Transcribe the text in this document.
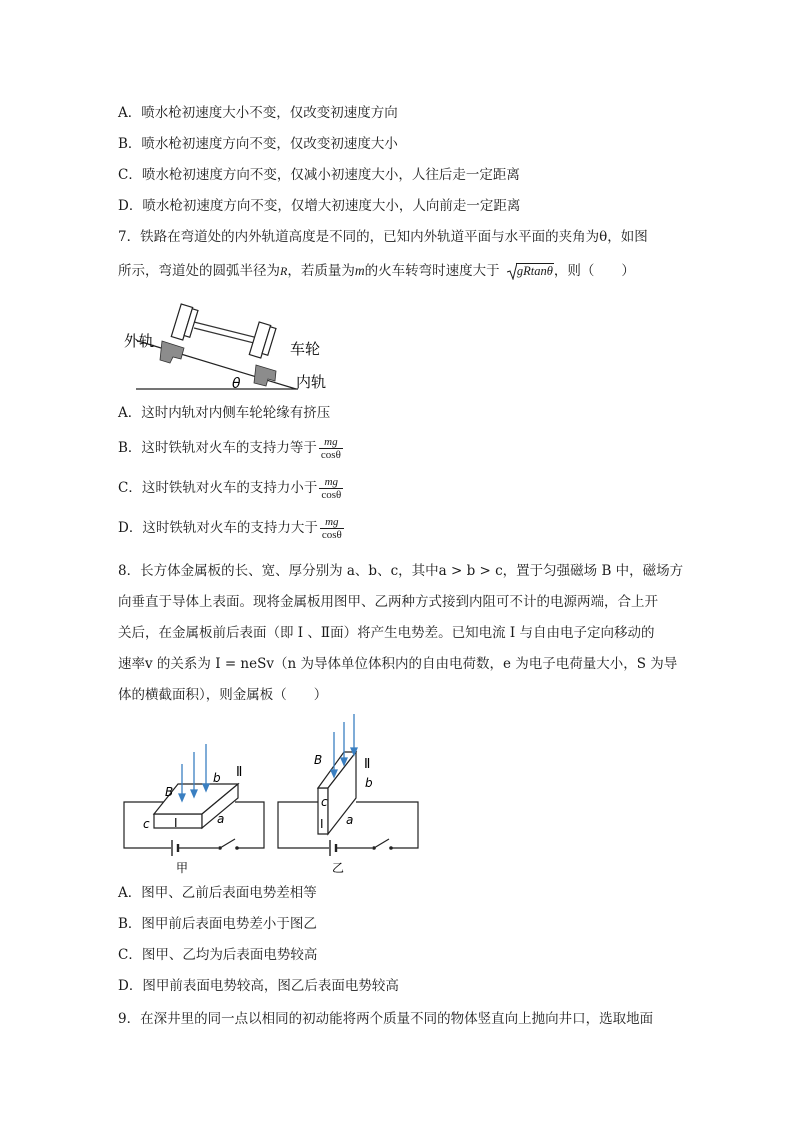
A．喷水枪初速度大小不变，仅改变初速度方向
B．喷水枪初速度方向不变，仅改变初速度大小
C．喷水枪初速度方向不变，仅减小初速度大小，人往后走一定距离
D．喷水枪初速度方向不变，仅增大初速度大小，人向前走一定距离
7．铁路在弯道处的内外轨道高度是不同的，已知内外轨道平面与水平面的夹角为θ，如图
所示，弯道处的圆弧半径为R，若质量为m的火车转弯时速度大于 gRtanθ，则（　　）
外轨	车轮
内轨
θ
A．这时内轨对内侧车轮轮缘有挤压
B．这时铁轨对火车的支持力等于 $\frac{mg}{\cos\theta}$
C．这时铁轨对火车的支持力小于 $\frac{mg}{\cos\theta}$
D．这时铁轨对火车的支持力大于 $\frac{mg}{\cos\theta}$
8．长方体金属板的长、宽、厚分别为 a、b、c，其中a > b > c，置于匀强磁场 B 中，磁场方
向垂直于导体上表面。现将金属板用图甲、乙两种方式接到内阻可不计的电源两端，合上开
关后，在金属板前后表面（即 Ⅰ 、Ⅱ面）将产生电势差。已知电流 I 与自由电子定向移动的
速率v 的关系为 I = neSv（n 为导体单位体积内的自由电荷数，e 为电子电荷量大小，S 为导
体的横截面积），则金属板（　　）
B
b Ⅱ
c Ⅰ	a
甲
B	Ⅱ
b
c
Ⅰ a
乙
A．图甲、乙前后表面电势差相等
B．图甲前后表面电势差小于图乙
C．图甲、乙均为后表面电势较高
D．图甲前表面电势较高，图乙后表面电势较高
9．在深井里的同一点以相同的初动能将两个质量不同的物体竖直向上抛向井口，选取地面
